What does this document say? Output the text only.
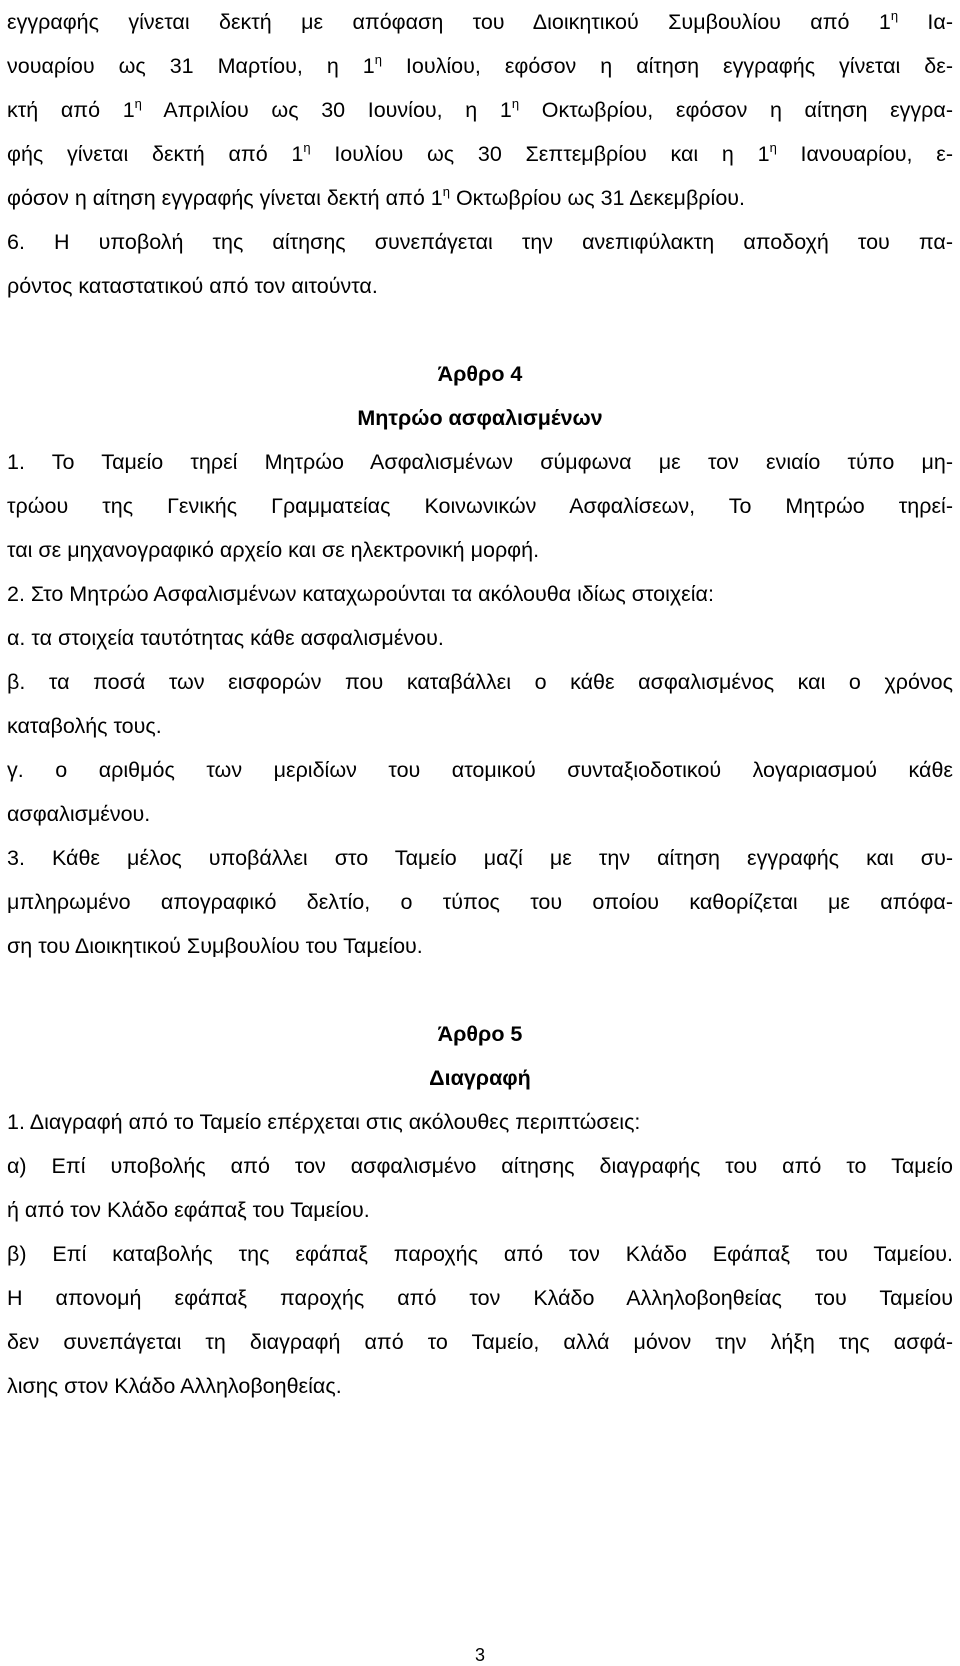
εγγραφής γίνεται δεκτή με απόφαση του Διοικητικού Συμβουλίου από $1^\eta$ Ια-
νουαρίου ως 31 Μαρτίου, η $1^\eta$ Ιουλίου, εφόσον η αίτηση εγγραφής γίνεται δε-
κτή από $1^\eta$ Απριλίου ως 30 Ιουνίου, η $1^\eta$ Οκτωβρίου, εφόσον η αίτηση εγγρα-
φής γίνεται δεκτή από $1^\eta$ Ιουλίου ως 30 Σεπτεμβρίου και η $1^\eta$ Ιανουαρίου, ε-
φόσον η αίτηση εγγραφής γίνεται δεκτή από $1^\eta$ Οκτωβρίου ως 31 Δεκεμβρίου.
6. Η υποβολή της αίτησης συνεπάγεται την ανεπιφύλακτη αποδοχή του πα-
ρόντος καταστατικού από τον αιτούντα.
Άρθρο 4
Μητρώο ασφαλισμένων
1. Το Ταμείο τηρεί Μητρώο Ασφαλισμένων σύμφωνα με τον ενιαίο τύπο μη-
τρώου της Γενικής Γραμματείας Κοινωνικών Ασφαλίσεων, Το Μητρώο τηρεί-
ται σε μηχανογραφικό αρχείο και σε ηλεκτρονική μορφή.
2. Στο Μητρώο Ασφαλισμένων καταχωρούνται τα ακόλουθα ιδίως στοιχεία:
α. τα στοιχεία ταυτότητας κάθε ασφαλισμένου.
β. τα ποσά των εισφορών που καταβάλλει ο κάθε ασφαλισμένος και ο χρόνος
καταβολής τους.
γ. ο αριθμός των μεριδίων του ατομικού συνταξιοδοτικού λογαριασμού κάθε
ασφαλισμένου.
3. Κάθε μέλος υποβάλλει στο Ταμείο μαζί με την αίτηση εγγραφής και συ-
μπληρωμένο απογραφικό δελτίο, ο τύπος του οποίου καθορίζεται με απόφα-
ση του Διοικητικού Συμβουλίου του Ταμείου.
Άρθρο 5
Διαγραφή
1. Διαγραφή από το Ταμείο επέρχεται στις ακόλουθες περιπτώσεις:
α) Επί υποβολής από τον ασφαλισμένο αίτησης διαγραφής του από το Ταμείο
ή από τον Κλάδο εφάπαξ του Ταμείου.
β) Επί καταβολής της εφάπαξ παροχής από τον Κλάδο Εφάπαξ του Ταμείου.
Η απονομή εφάπαξ παροχής από τον Κλάδο Αλληλοβοηθείας του Ταμείου
δεν συνεπάγεται τη διαγραφή από το Ταμείο, αλλά μόνον την λήξη της ασφά-
λισης στον Κλάδο Αλληλοβοηθείας.
3
